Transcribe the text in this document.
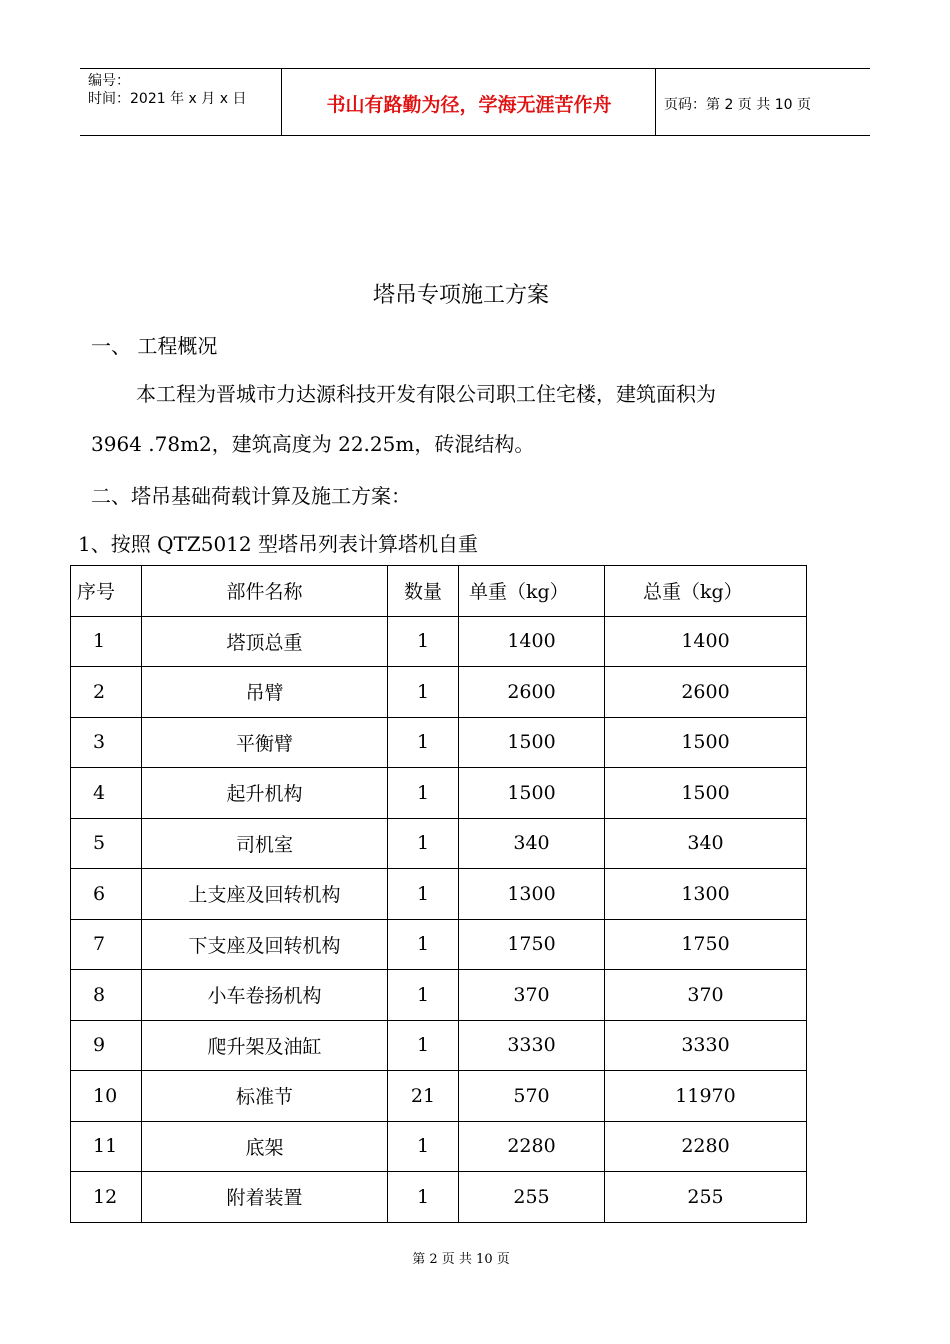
编号：
时间：2021 年 x 月 x 日	书山有路勤为径，学海无涯苦作舟	页码：第 2 页 共 10 页
塔吊专项施工方案
一、 工程概况
本工程为晋城市力达源科技开发有限公司职工住宅楼，建筑面积为
3964 .78m2，建筑高度为 22.25m，砖混结构。
二、塔吊基础荷载计算及施工方案：
1、按照 QTZ5012 型塔吊列表计算塔机自重
序号	部件名称	数量	单重（kg）	总重（kg）
1	塔顶总重	1	1400	1400
2	吊臂	1	2600	2600
3	平衡臂	1	1500	1500
4	起升机构	1	1500	1500
5	司机室	1	340	340
6	上支座及回转机构	1	1300	1300
7	下支座及回转机构	1	1750	1750
8	小车卷扬机构	1	370	370
9	爬升架及油缸	1	3330	3330
10	标准节	21	570	11970
11	底架	1	2280	2280
12	附着装置	1	255	255
第 2 页 共 10 页
